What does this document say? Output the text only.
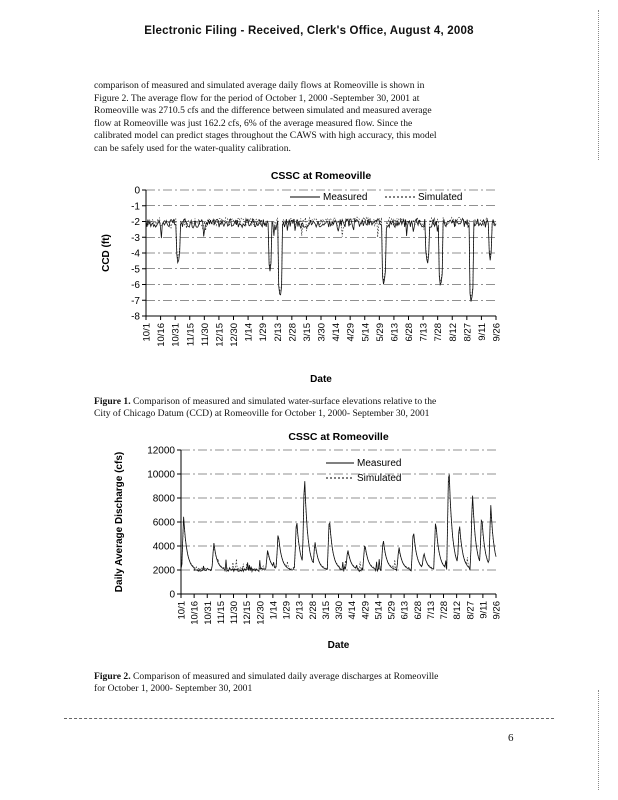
Electronic Filing - Received, Clerk's Office, August 4, 2008
comparison of measured and simulated average daily flows at Romeoville is shown in
Figure 2. The average flow for the period of October 1, 2000 -September 30, 2001 at
Romeoville was 2710.5 cfs and the difference between simulated and measured average
flow at Romeoville was just 162.2 cfs, 6% of the average measured flow. Since the
calibrated model can predict stages throughout the CAWS with high accuracy, this model
can be safely used for the water-quality calibration.
CSSC at Romeoville
0
-1
-2
-3
-4
-5
-6
-7
-8
10/1 10/16 10/31 11/15 11/30 12/15 12/30 1/14 1/29 2/13 2/28 3/15 3/30 4/14 4/29 5/14 5/29 6/13 6/28 7/13 7/28 8/12 8/27 9/11 9/26
Date
CCD (ft)
Measured	Simulated
Figure 1. Comparison of measured and simulated water-surface elevations relative to the
City of Chicago Datum (CCD) at Romeoville for October 1, 2000- September 30, 2001
CSSC at Romeoville
0
2000
4000
6000
8000
10000
12000
10/1 10/16 10/31 11/15 11/30 12/15 12/30 1/14 1/29 2/13 2/28 3/15 3/30 4/14 4/29 5/14 5/29 6/13 6/28 7/13 7/28 8/12 8/27 9/11 9/26
Date
Daily Average Discharge (cfs)	Measured
Simulated
Figure 2. Comparison of measured and simulated daily average discharges at Romeoville
for October 1, 2000- September 30, 2001
6
